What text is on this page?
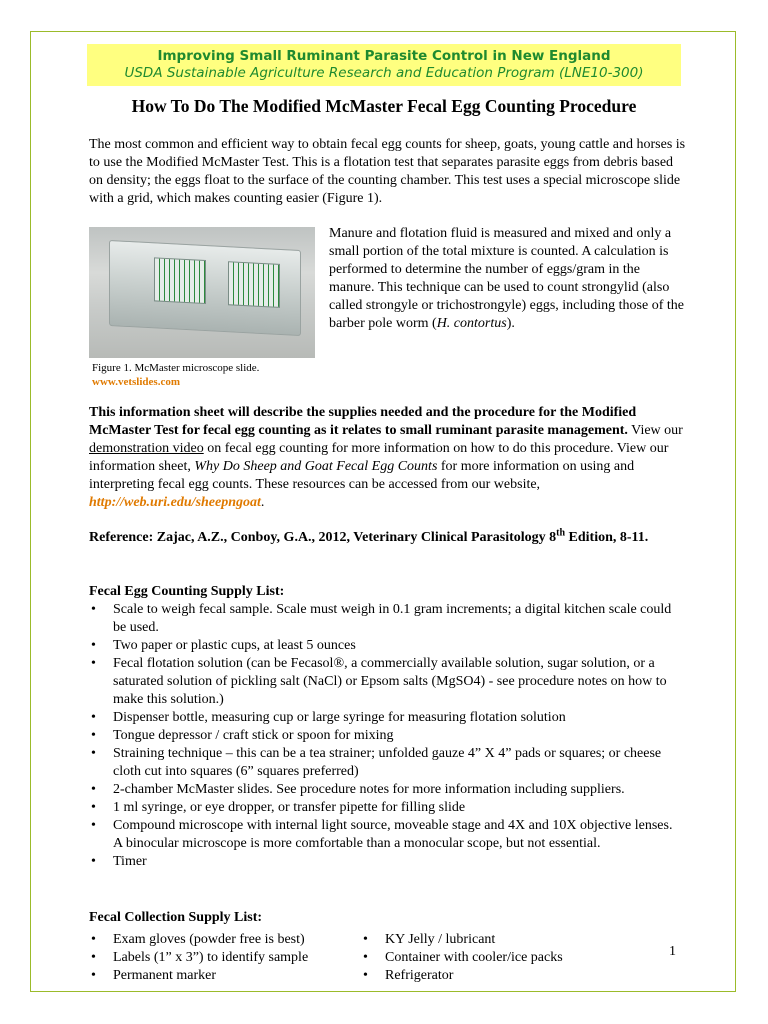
Improving Small Ruminant Parasite Control in New England
USDA Sustainable Agriculture Research and Education Program (LNE10-300)
How To Do The Modified McMaster Fecal Egg Counting Procedure

The most common and efficient way to obtain fecal egg counts for sheep, goats, young cattle and horses is to use the Modified McMaster Test. This is a flotation test that separates parasite eggs from debris based on density; the eggs float to the surface of the counting chamber. This test uses a special microscope slide with a grid, which makes counting easier (Figure 1).

Figure 1. McMaster microscope slide.
www.vetslides.com

Manure and flotation fluid is measured and mixed and only a small portion of the total mixture is counted. A calculation is performed to determine the number of eggs/gram in the manure. This technique can be used to count strongylid (also called strongyle or trichostrongyle) eggs, including those of the barber pole worm (H. contortus).

This information sheet will describe the supplies needed and the procedure for the Modified McMaster Test for fecal egg counting as it relates to small ruminant parasite management. View our demonstration video on fecal egg counting for more information on how to do this procedure. View our information sheet, Why Do Sheep and Goat Fecal Egg Counts for more information on using and interpreting fecal egg counts. These resources can be accessed from our website, http://web.uri.edu/sheepngoat.

Reference: Zajac, A.Z., Conboy, G.A., 2012, Veterinary Clinical Parasitology 8th Edition, 8-11.
Fecal Egg Counting Supply List:
• Scale to weigh fecal sample. Scale must weigh in 0.1 gram increments; a digital kitchen scale could be used.
• Two paper or plastic cups, at least 5 ounces
• Fecal flotation solution (can be Fecasol®, a commercially available solution, sugar solution, or a saturated solution of pickling salt (NaCl) or Epsom salts (MgSO4) - see procedure notes on how to make this solution.)
• Dispenser bottle, measuring cup or large syringe for measuring flotation solution
• Tongue depressor / craft stick or spoon for mixing
• Straining technique – this can be a tea strainer; unfolded gauze 4” X 4” pads or squares; or cheese cloth cut into squares (6” squares preferred)
• 2-chamber McMaster slides. See procedure notes for more information including suppliers.
• 1 ml syringe, or eye dropper, or transfer pipette for filling slide
• Compound microscope with internal light source, moveable stage and 4X and 10X objective lenses. A binocular microscope is more comfortable than a monocular scope, but not essential.
• Timer
Fecal Collection Supply List:
• Exam gloves (powder free is best)
• Labels (1” x 3”) to identify sample
• Permanent marker
• KY Jelly / lubricant
• Container with cooler/ice packs
• Refrigerator
1
